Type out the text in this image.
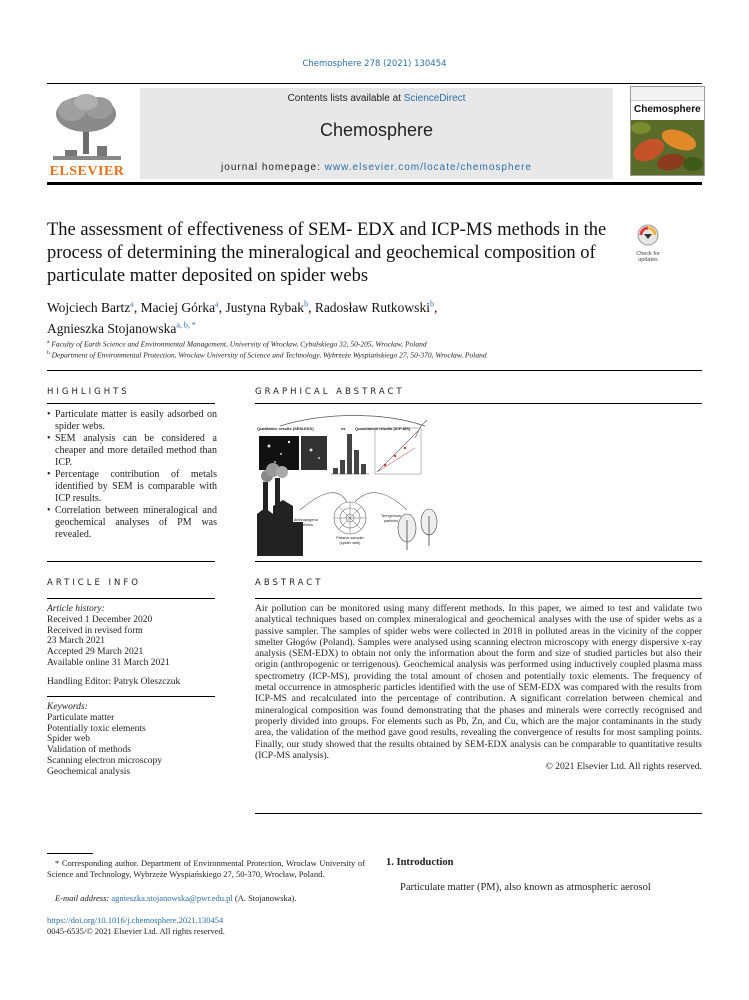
Chemosphere 278 (2021) 130454
ELSEVIER
Contents lists available at ScienceDirect
Chemosphere
journal homepage: www.elsevier.com/locate/chemosphere
Chemosphere
The assessment of effectiveness of SEM- EDX and ICP-MS methods in the process of determining the mineralogical and geochemical composition of particulate matter deposited on spider webs
Check for updates
Wojciech Bartz$^a$, Maciej Górka$^a$, Justyna Rybak$^b$, Radosław Rutkowski$^b$,
Agnieszka Stojanowska$^{a, b, *}$
$^a$ Faculty of Earth Science and Environmental Management, University of Wrocław, Cybulskiego 32, 50-205, Wrocław, Poland
$^b$ Department of Environmental Protection, Wroclaw University of Science and Technology, Wybrzeże Wyspiańskiego 27, 50-370, Wrocław, Poland
HIGHLIGHTS
• Particulate matter is easily adsorbed on spider webs.
• SEM analysis can be considered a cheaper and more detailed method than ICP.
• Percentage contribution of metals identified by SEM is comparable with ICP results.
• Correlation between mineralogical and geochemical analyses of PM was revealed.
GRAPHICAL ABSTRACT
Qualitative results (SEM-EDX)	vs Quantitative results (ICP-MS)
Anthropogenic particles
Passive sampler (spider web)
Terrigenous particles
ARTICLE INFO
Article history:
Received 1 December 2020
Received in revised form
23 March 2021
Accepted 29 March 2021
Available online 31 March 2021
Handling Editor: Patryk Oleszczuk
Keywords:
Particulate matter
Potentially toxic elements
Spider web
Validation of methods
Scanning electron microscopy
Geochemical analysis
ABSTRACT
Air pollution can be monitored using many different methods. In this paper, we aimed to test and validate two analytical techniques based on complex mineralogical and geochemical analyses with the use of spider webs as a passive sampler. The samples of spider webs were collected in 2018 in polluted areas in the vicinity of the copper smelter Głogów (Poland). Samples were analysed using scanning electron microscopy with energy dispersive x-ray analysis (SEM-EDX) to obtain not only the information about the form and size of studied particles but also their origin (anthropogenic or terrigenous). Geochemical analysis was performed using inductively coupled plasma mass spectrometry (ICP-MS), providing the total amount of chosen and potentially toxic elements. The frequency of metal occurrence in atmospheric particles identified with the use of SEM-EDX was compared with the results from ICP-MS and recalculated into the percentage of contribution. A significant correlation between chemical and mineralogical composition was found demonstrating that the phases and minerals were correctly recognised and properly divided into groups. For elements such as Pb, Zn, and Cu, which are the major contaminants in the study area, the validation of the method gave good results, revealing the convergence of results for most sampling points. Finally, our study showed that the results obtained by SEM-EDX analysis can be comparable to quantitative results (ICP-MS analysis).
© 2021 Elsevier Ltd. All rights reserved.
* Corresponding author. Department of Environmental Protection, Wroclaw University of Science and Technology, Wybrzeże Wyspiańskiego 27, 50-370, Wrocław, Poland.
E-mail address: agnieszka.stojanowska@pwr.edu.pl (A. Stojanowska).
https://doi.org/10.1016/j.chemosphere.2021.130454
0045-6535/© 2021 Elsevier Ltd. All rights reserved.
1. Introduction
Particulate matter (PM), also known as atmospheric aerosol
